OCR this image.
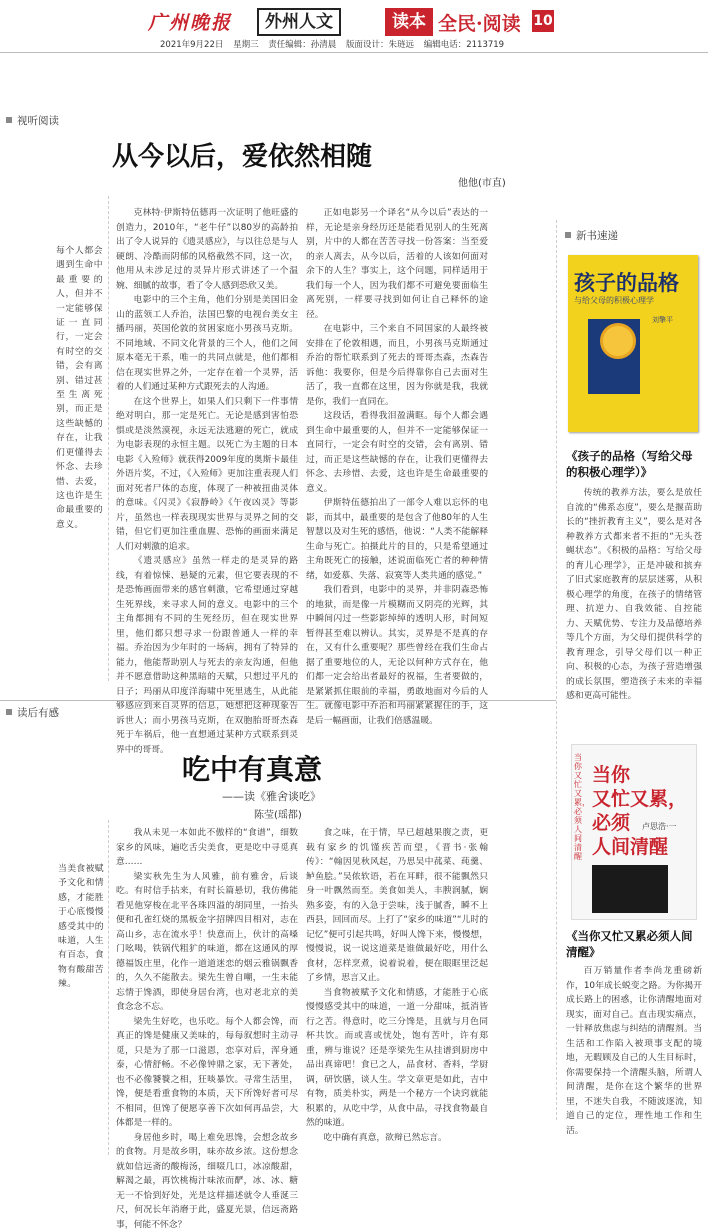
广州晚报	外州人文	读本 全民·阅读 10
2021年9月22日 星期三 责任编辑：孙清晨 版面设计：朱琏远 编辑电话：2113719
视听阅读
从今以后，爱依然相随
他他(市直)
每个人都会遇到生命中最重要的人，但并不一定能够保证一直同行，一定会有时空的交错，会有离别、错过甚至生离死别，而正是这些缺憾的存在，让我们更懂得去怀念、去珍惜、去爱，这也许是生命最重要的意义。

克林特·伊斯特伍德再一次证明了他旺盛的创造力，2010年，“老牛仔”以80岁的高龄拍出了令人说异的《遗灵感应》，与以往总是与人硬朗、冷酷而阴郁的风格截然不同，这一次，他用从未涉足过的灵异片形式讲述了一个温婉、细腻的故事，看了令人感到恐欣又美。

电影中的三个主角，他们分别是美国旧金山的蓝领工人乔治，法国巴黎的电视台美女主播玛丽，英国伦敦的贫困家庭小男孩马克斯。不同地域、不同文化背景的三个人，他们之间原本毫无干系，唯一的共同点就是，他们都相信在现实世界之外，一定存在着一个灵界，活着的人们通过某种方式跟死去的人沟通。

在这个世界上，如果人们只剩下一件事情绝对明白，那一定是死亡。无论是感到害怕恐惧或是淡然漠视，永远无法逃避的死亡，就成为电影表现的永恒主题。以死亡为主题的日本电影《入殓师》就获得2009年度的奥斯卡最佳外语片奖，不过，《入殓师》更加注重表现人们面对死者尸体的态度，体现了一种被扭曲灵体的意味。《闪灵》《寂静岭》《午夜凶灵》等影片，虽然也一样表现现实世界与灵界之间的交错，但它们更加注重血腥、恐怖的画面来满足人们对刺激的追求。

《遗灵感应》虽然一样走的是灵异的路线，有着惊悚、悬疑的元素，但它要表现的不是恐怖画面带来的感官刺激，它希望通过穿越生死界线，来寻求人间的意义。电影中的三个主角都拥有不同的生死经历，但在现实世界里，他们都只想寻求一份跟普通人一样的幸福。乔治因为少年时的一场病，拥有了特异的能力，他能帮助别人与死去的亲友沟通，但他并不愿意借助这种黑暗的天赋，只想过平凡的日子；玛丽从印度洋海啸中死里逃生，从此能够感应到来自灵界的信息，她想把这种现象告诉世人；而小男孩马克斯，在双胞胎哥哥杰森死于车祸后，他一直想通过某种方式联系到灵界中的哥哥。

正如电影另一个译名“从今以后”表达的一样，无论是亲身经历还是能看见别人的生死离别，片中的人都在苦苦寻找一份答案：当至爱的亲人离去，从今以后，活着的人该如何面对余下的人生？事实上，这个问题，同样适用于我们每一个人，因为我们都不可避免要面临生离死别，一样要寻找到如何让自己释怀的途径。

在电影中，三个来自不同国家的人最终被安排在了伦敦相遇，而且，小男孩马克斯通过乔治的帮忙联系到了死去的哥哥杰森，杰森告诉他：我要你，但是今后得靠你自己去面对生活了，我一直都在这里，因为你就是我，我就是你，我们一直同在。

这段话，看得我泪盈满眶。每个人都会遇到生命中最重要的人，但并不一定能够保证一直同行，一定会有时空的交错，会有离别、错过，而正是这些缺憾的存在，让我们更懂得去怀念、去珍惜、去爱，这也许是生命最重要的意义。

伊斯特伍德拍出了一部令人难以忘怀的电影，而其中，最重要的是包含了他80年的人生智慧以及对生死的感悟，他说：“人类不能解释生命与死亡。拍摄此片的目的，只是希望通过主角既死亡的接触，述说面临死亡者的种种情绪，如爱慕、失落、寂寞等人类共通的感觉。”

我们看到，电影中的灵界，并非阴森恐怖的地狱，而是像一片模糊而又阴亮的光辉，其中瞬间闪过一些影影绰绰的透明人形，时间短暂得甚至难以辨认。其实，灵界是不是真的存在，又有什么重要呢？那些曾经在我们生命占据了重要地位的人，无论以何种方式存在，他们都一定会给出者最好的祝福，生者要做的，是紧紧抓住眼前的幸福，勇敢地面对今后的人生。就像电影中乔治和玛丽紧紧握住的手，这是后一幅画面，让我们倍感温暖。

新书速递
孩子的品格
与给父母的积极心理学
刘擎平
《孩子的品格（写给父母的积极心理学）》

传统的教养方法，要么是放任自流的“佛系态度”，要么是揠苗助长的“挫折教育主义”，要么是对各种教养方式都来者不拒的“无头苍蝇状态”。《积极的品格：写给父母的育儿心理学》，正是冲破和摈弃了旧式家庭教育的层层迷雾，从积极心理学的角度，在孩子的情绪管理、抗逆力、自我效能、自控能力、天赋优势、专注力及品德培养等几个方面，为父母们提供科学的教育理念，引导父母们以一种正向、积极的心态，为孩子营造增强的成长氛围，塑造孩子未来的幸福感和更高可能性。

当你又忙又累，必须人间清醒
当你
又忙又累，
必须
人间清醒
卢思浩·一
《当你又忙又累必须人间清醒》

百万销量作者李尚龙重磅新作，10年成长蜕变之路。为你揭开成长路上的困惑，让你清醒地面对现实，面对自己。直击现实痛点，一针释放焦虑与纠结的清醒剂。当生活和工作陷入被琐事支配的境地，无暇顾及自己的人生目标时，你需要保持一个清醒头脑，所谓人间清醒，是你在这个繁华的世界里，不迷失自我，不随波逐流，知道自己的定位，理性地工作和生活。

读后有感
吃中有真意
——读《雅舍谈吃》
陈莹(瑶都)
当美食被赋予文化和情感，才能胜于心底慢慢感受其中的味道，人生有百态，食物有酸甜苦辣。

我从未见一本如此不傲样的“食谱”，细数家乡的风味，遍吃舌尖美食，更是吃中寻觅真意……

梁实秋先生为人风雅，前有雅舍，后谈吃。有时信手拈来，有时长篇悬切，我仿佛能看见他穿梭在北平各珠四溢的胡同里，一抬头便和孔雀红烧的黑板金字招牌四目相对，志在高山乡，志在流水乎！快意而上，伙计的高嗓门吆喝，铁锅代粗犷的味道，都在这通风的厚德福饭庄里，化作一道道迷恋的烟云雅锅飘香的，久久不能散去。梁先生曾自嘲，一生未能忘情于馋酒，即使身居台湾，也对老北京的美食念念不忘。

梁先生好吃，也乐吃。每个人都会馋，而真正的馋是健康又美味的，每每叙想时主动寻觅，只是为了那一口滋恩，恋享对后，浑身通泰，心情舒畅。不必像钟鼎之家，无下著处，也不必像饕餮之相，狂啖暴饮。寻常生活里，馋，便是看重食物的本质，天下所馋好者可尽不相同，但馋了便愿享善下次如何再品尝，大体都是一样的。

身居他乡时，喝上难免思馋，会想念故乡的食物。月是故乡明，味亦故乡浓。这份想念就如信远斋的酸梅汤，细啜几口，冰凉酸甜，解渴之最，再饮桃梅汁味浓而酽，冰、冰、糖无一不恰到好处，光是这样描述就令人垂涎三尺，何况长年消磨于此，盛夏光景，信远斋路事，何能不怀念？

食之味，在于情，早已超越果腹之责，更载有家乡的饥馑疾苦而望，《晋书·张翰传》：“翰因见秋风起，乃思吴中菰菜、莼羹、鲈鱼脍。”吴侬软语，若在耳畔，很不能飘然只身一叶飘然而至。美食如美人，丰腴润腻，娴熟多姿，有的入急于尝味，浅于腻香，瞬不上西县，回回而尽。上打了“家乡的味道”“儿时的记忆”便可引起共鸣，好叫人馋下来，慢慢想，慢慢说，说一说这道菜是谁做最好吃，用什么食材，怎样烹煮，说着说着，便在眼眶里泛起了乡情，思言又止。

当食物被赋予文化和情感，才能胜于心底慢慢感受其中的味道，一道一分甜味，抵消皆行之苦。得意时，吃三分馋是，且就与月色同杯共饮。而或喜或忧处，饱有苦叶，许有郑重，辨与谁说？还是孪梁先生从挂谱到厨房中品出真谛吧！食已之人，品食材、香料，学厨调，研饮膳，谈人生。学文章更是如此，吉中有物，质美朴实，两是一个秘方一个诀窍就能积累的，从吃中学，从食中品，寻找食物最自然的味道。

吃中确有真意，欲辩已然忘言。
